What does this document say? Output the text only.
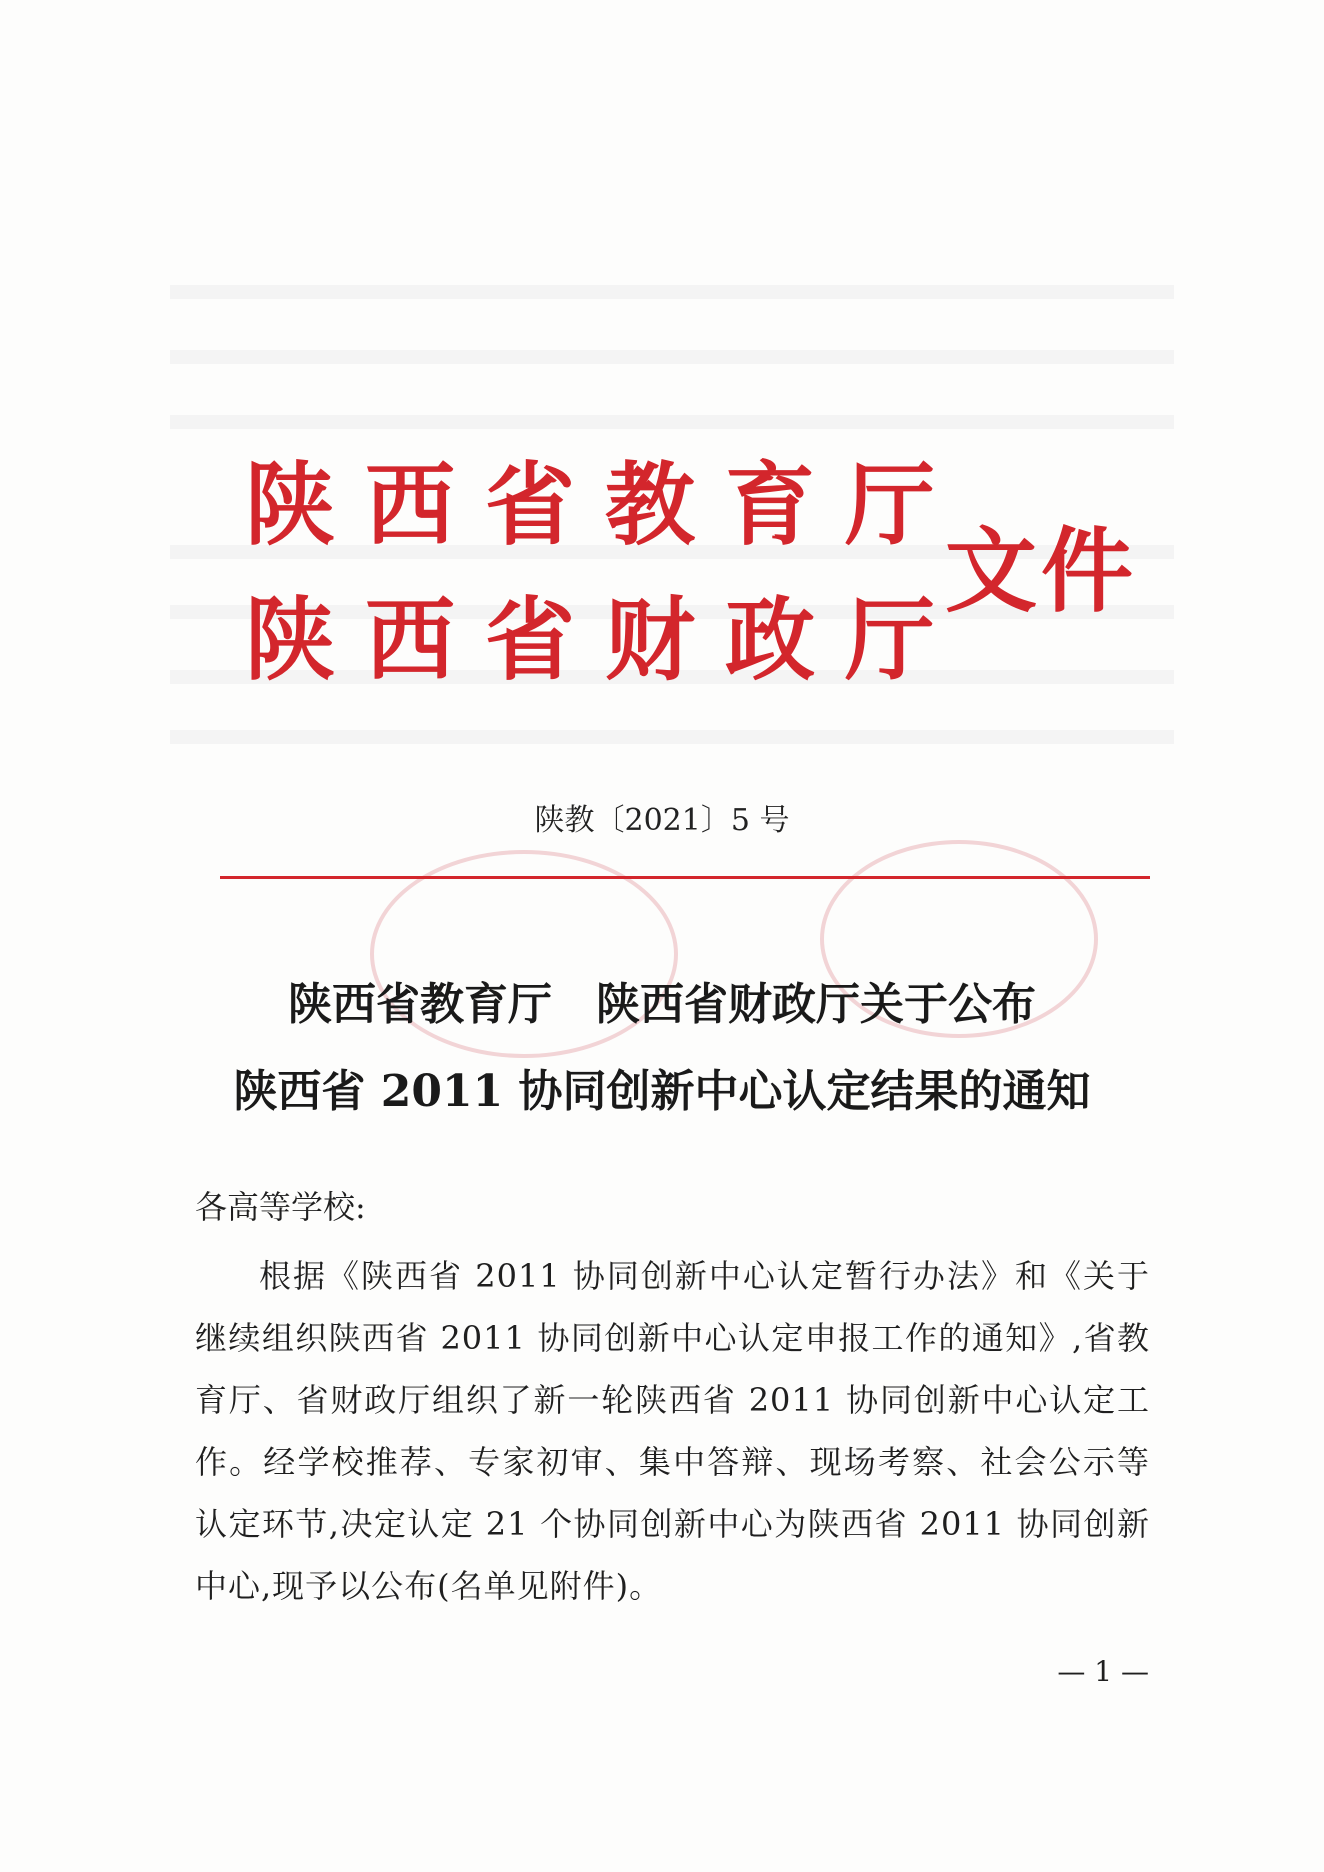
陕西省教育厅
陕西省财政厅
文件
陕教〔2021〕5 号
陕西省教育厅　陕西省财政厅关于公布
陕西省 2011 协同创新中心认定结果的通知
各高等学校:
根据《陕西省 2011 协同创新中心认定暂行办法》和《关于继续组织陕西省 2011 协同创新中心认定申报工作的通知》,省教育厅、省财政厅组织了新一轮陕西省 2011 协同创新中心认定工作。经学校推荐、专家初审、集中答辩、现场考察、社会公示等认定环节,决定认定 21 个协同创新中心为陕西省 2011 协同创新中心,现予以公布(名单见附件)。
— 1 —
